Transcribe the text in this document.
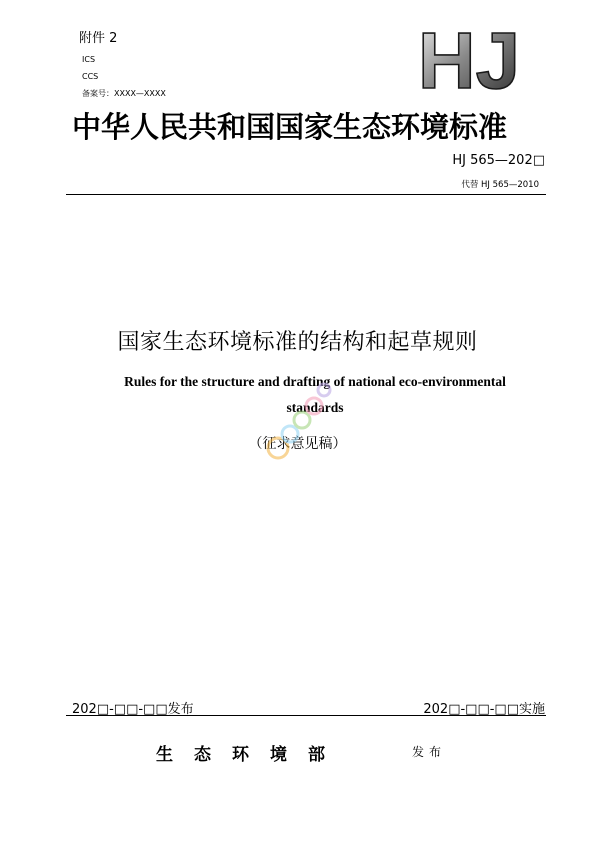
附件 2
ICS
CCS
备案号：XXXX—XXXX	HJ
中华人民共和国国家生态环境标准
HJ 565—202□
代替 HJ 565—2010
国家生态环境标准的结构和起草规则
Rules for the structure and drafting of national eco-environmental standards
（征求意见稿）
202□-□□-□□发布	202□-□□-□□实施
生态环境部	发布
